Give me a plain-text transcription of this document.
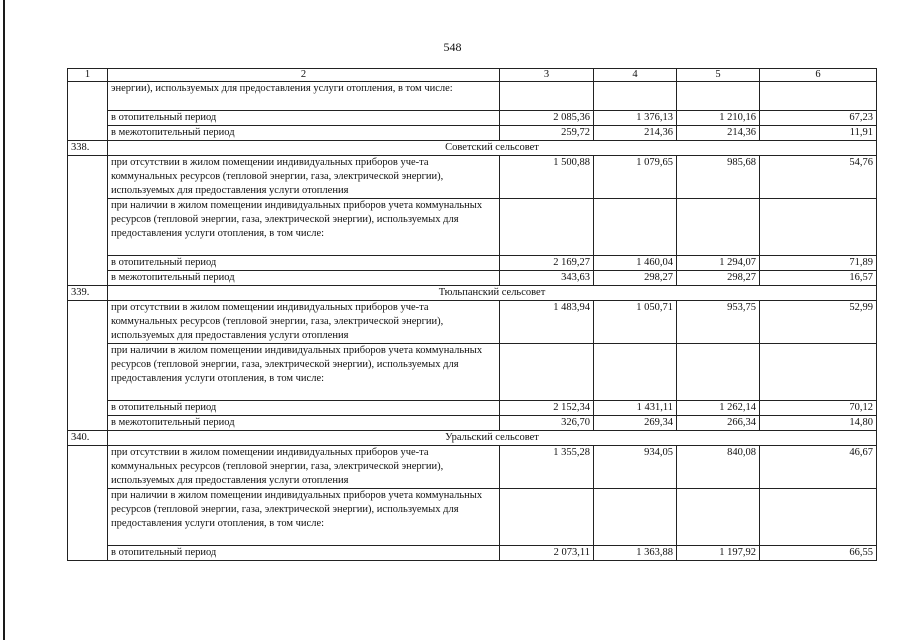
548
1	2	3	4	5	6
	энергии), используемых для предоставления услуги отопления, в том числе:				
	в отопительный период	2 085,36	1 376,13	1 210,16	67,23
	в межотопительный период	259,72	214,36	214,36	11,91
338.	Советский сельсовет				
	при отсутствии в жилом помещении индивидуальных приборов уче-та коммунальных ресурсов (тепловой энергии, газа, электрической энергии), используемых для предоставления услуги отопления	1 500,88	1 079,65	985,68	54,76
	при наличии в жилом помещении индивидуальных приборов учета коммунальных ресурсов (тепловой энергии, газа, электрической энергии), используемых для предоставления услуги отопления, в том числе:				
	в отопительный период	2 169,27	1 460,04	1 294,07	71,89
	в межотопительный период	343,63	298,27	298,27	16,57
339.	Тюльпанский сельсовет				
	при отсутствии в жилом помещении индивидуальных приборов уче-та коммунальных ресурсов (тепловой энергии, газа, электрической энергии), используемых для предоставления услуги отопления	1 483,94	1 050,71	953,75	52,99
	при наличии в жилом помещении индивидуальных приборов учета коммунальных ресурсов (тепловой энергии, газа, электрической энергии), используемых для предоставления услуги отопления, в том числе:				
	в отопительный период	2 152,34	1 431,11	1 262,14	70,12
	в межотопительный период	326,70	269,34	266,34	14,80
340.	Уральский сельсовет				
	при отсутствии в жилом помещении индивидуальных приборов уче-та коммунальных ресурсов (тепловой энергии, газа, электрической энергии), используемых для предоставления услуги отопления	1 355,28	934,05	840,08	46,67
	при наличии в жилом помещении индивидуальных приборов учета коммунальных ресурсов (тепловой энергии, газа, электрической энергии), используемых для предоставления услуги отопления, в том числе:				
	в отопительный период	2 073,11	1 363,88	1 197,92	66,55
